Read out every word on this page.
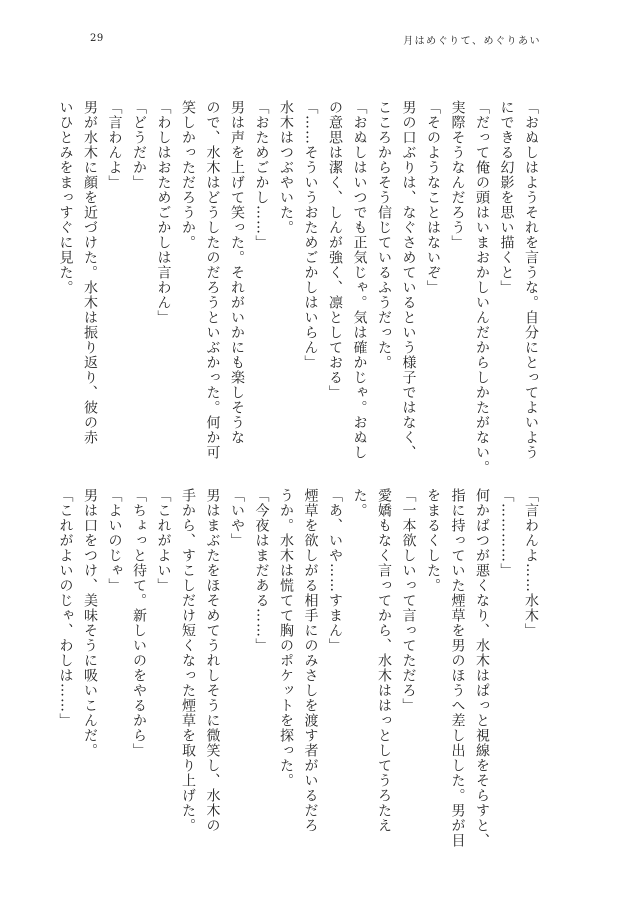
29	月はめぐりて、めぐりあい
「おぬしはようそれを言うな。自分にとってよいよう
にできる幻影を思い描くと」
「だって俺の頭はいまおかしいんだからしかたがない。
実際そうなんだろう」
「そのようなことはないぞ」
男の口ぶりは、なぐさめているという様子ではなく、
こころからそう信じているふうだった。
「おぬしはいつでも正気じゃ。気は確かじゃ。おぬし
の意思は潔く、しんが強く、凛としておる」
「……そういうおためごかしはいらん」
水木はつぶやいた。
「おためごかし……」
男は声を上げて笑った。それがいかにも楽しそうな
ので、水木はどうしたのだろうといぶかった。何か可
笑しかっただろうか。
「わしはおためごかしは言わん」
「どうだか」
「言わんよ」
男が水木に顔を近づけた。水木は振り返り、彼の赤
いひとみをまっすぐに見た。
「言わんよ……水木」
「…………」
何かばつが悪くなり、水木はぱっと視線をそらすと、
指に持っていた煙草を男のほうへ差し出した。男が目
をまるくした。
「一本欲しいって言ってただろ」
愛嬌もなく言ってから、水木ははっとしてうろたえ
た。
「あ、いや……すまん」
煙草を欲しがる相手にのみさしを渡す者がいるだろ
うか。水木は慌てて胸のポケットを探った。
「今夜はまだある……」
「いや」
男はまぶたをほそめてうれしそうに微笑し、水木の
手から、すこしだけ短くなった煙草を取り上げた。
「これがよい」
「ちょっと待て。新しいのをやるから」
「よいのじゃ」
男は口をつけ、美味そうに吸いこんだ。
「これがよいのじゃ、わしは……」
